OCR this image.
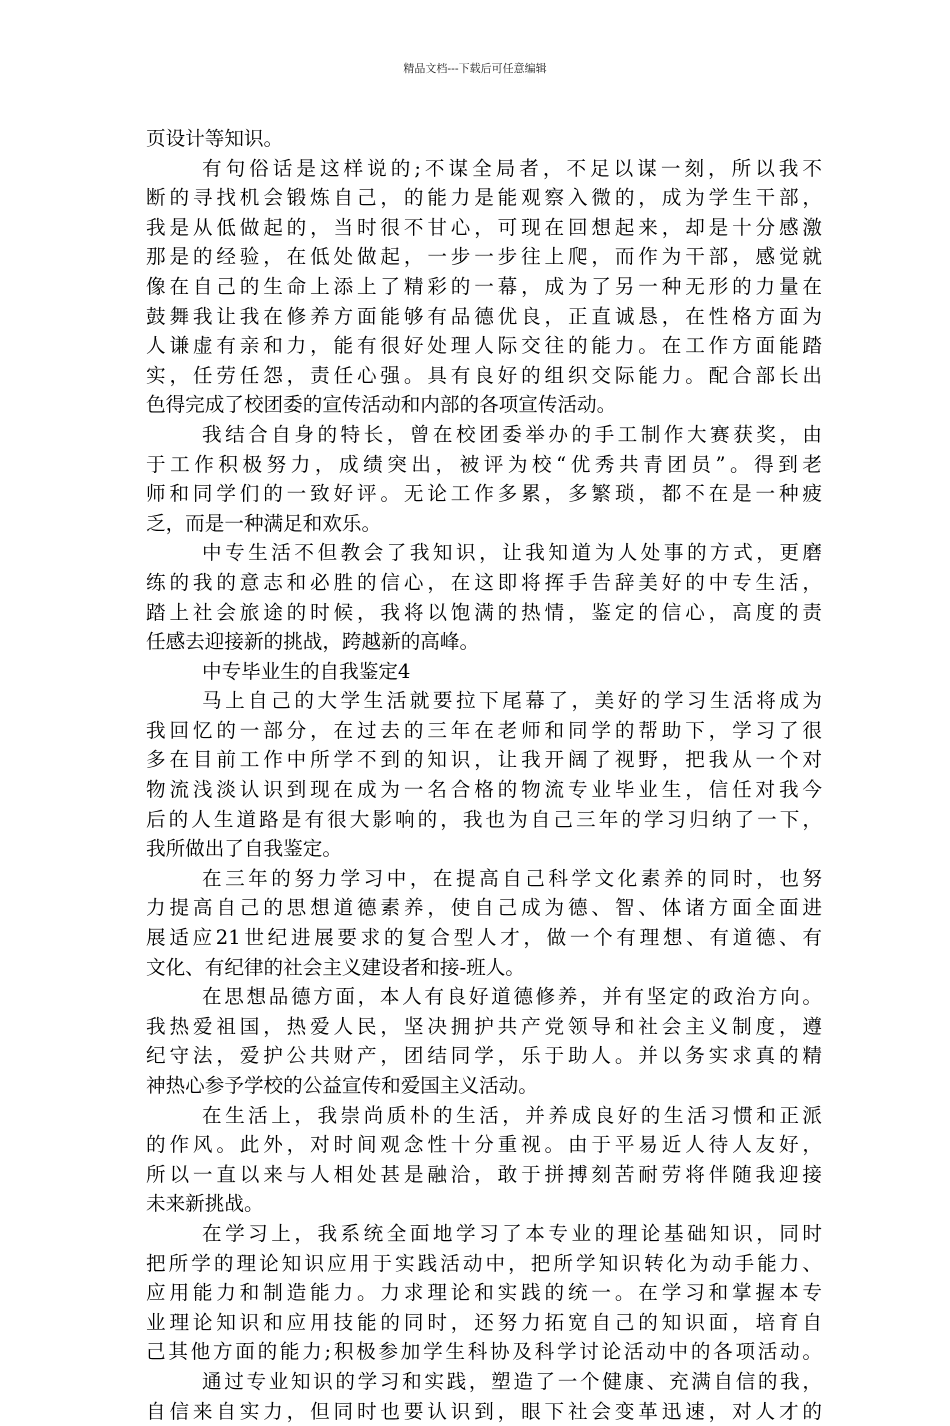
精品文档---下载后可任意编辑
页设计等知识。
有句俗话是这样说的;不谋全局者，不足以谋一刻，所以我不
断的寻找机会锻炼自己，的能力是能观察入微的，成为学生干部，
我是从低做起的，当时很不甘心，可现在回想起来，却是十分感激
那是的经验，在低处做起，一步一步往上爬，而作为干部，感觉就
像在自己的生命上添上了精彩的一幕，成为了另一种无形的力量在
鼓舞我让我在修养方面能够有品德优良，正直诚恳，在性格方面为
人谦虚有亲和力，能有很好处理人际交往的能力。在工作方面能踏
实，任劳任怨，责任心强。具有良好的组织交际能力。配合部长出
色得完成了校团委的宣传活动和内部的各项宣传活动。
我结合自身的特长，曾在校团委举办的手工制作大赛获奖，由
于工作积极努力，成绩突出，被评为校“优秀共青团员”。得到老
师和同学们的一致好评。无论工作多累，多繁琐，都不在是一种疲
乏，而是一种满足和欢乐。
中专生活不但教会了我知识，让我知道为人处事的方式，更磨
练的我的意志和必胜的信心，在这即将挥手告辞美好的中专生活，
踏上社会旅途的时候，我将以饱满的热情，鉴定的信心，高度的责
任感去迎接新的挑战，跨越新的高峰。
中专毕业生的自我鉴定4
马上自己的大学生活就要拉下尾幕了，美好的学习生活将成为
我回忆的一部分，在过去的三年在老师和同学的帮助下，学习了很
多在目前工作中所学不到的知识，让我开阔了视野，把我从一个对
物流浅淡认识到现在成为一名合格的物流专业毕业生，信任对我今
后的人生道路是有很大影响的，我也为自己三年的学习归纳了一下，
我所做出了自我鉴定。
在三年的努力学习中，在提高自己科学文化素养的同时，也努
力提高自己的思想道德素养，使自己成为德、智、体诸方面全面进
展适应21世纪进展要求的复合型人才，做一个有理想、有道德、有
文化、有纪律的社会主义建设者和接-班人。
在思想品德方面，本人有良好道德修养，并有坚定的政治方向。
我热爱祖国，热爱人民，坚决拥护共产党领导和社会主义制度，遵
纪守法，爱护公共财产，团结同学，乐于助人。并以务实求真的精
神热心参予学校的公益宣传和爱国主义活动。
在生活上，我崇尚质朴的生活，并养成良好的生活习惯和正派
的作风。此外，对时间观念性十分重视。由于平易近人待人友好，
所以一直以来与人相处甚是融洽，敢于拼搏刻苦耐劳将伴随我迎接
未来新挑战。
在学习上，我系统全面地学习了本专业的理论基础知识，同时
把所学的理论知识应用于实践活动中，把所学知识转化为动手能力、
应用能力和制造能力。力求理论和实践的统一。在学习和掌握本专
业理论知识和应用技能的同时，还努力拓宽自己的知识面，培育自
己其他方面的能力;积极参加学生科协及科学讨论活动中的各项活动。
通过专业知识的学习和实践，塑造了一个健康、充满自信的我，
自信来自实力，但同时也要认识到，眼下社会变革迅速，对人才的
